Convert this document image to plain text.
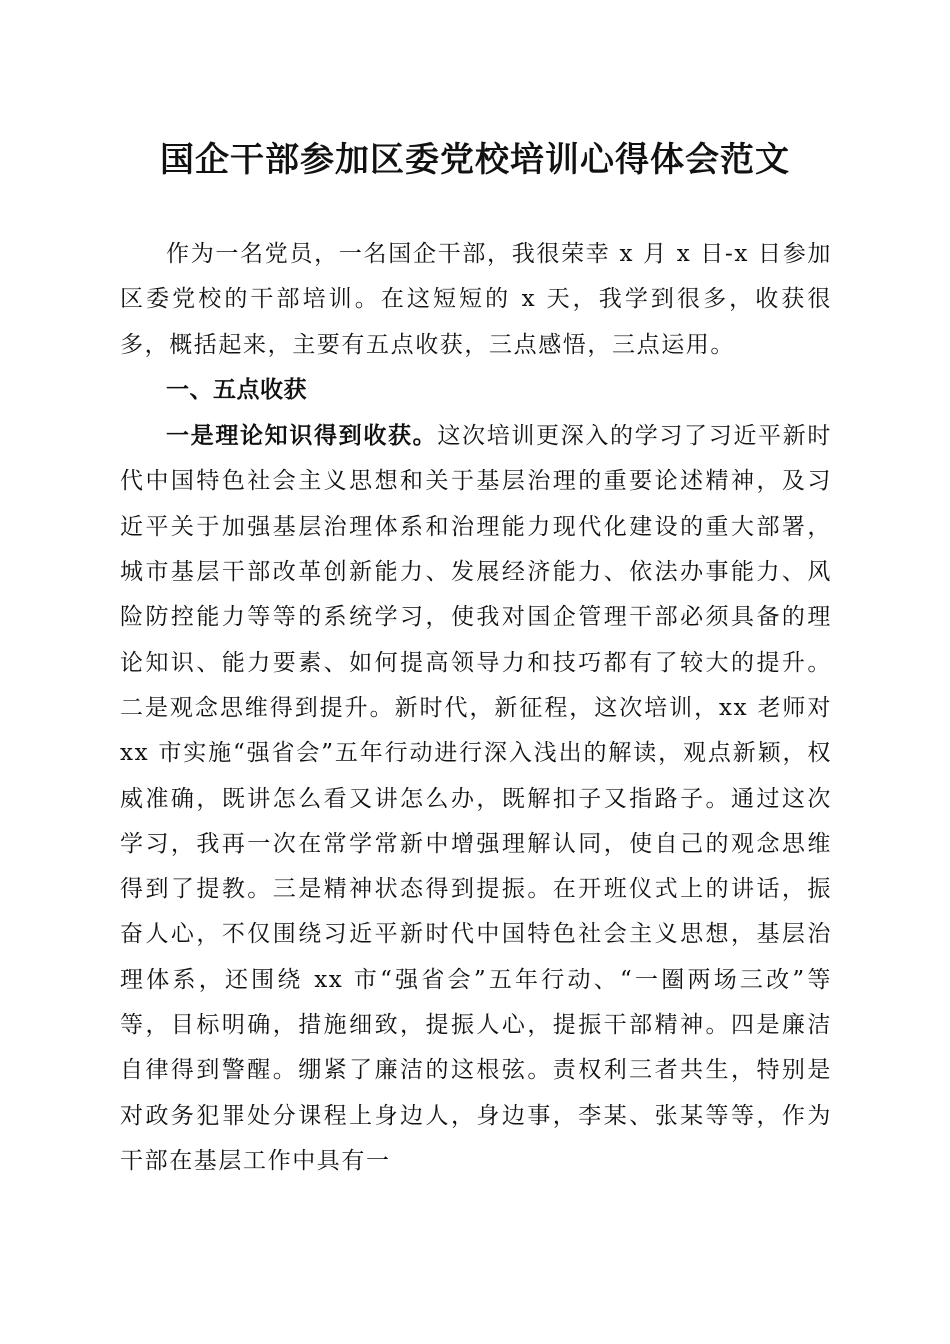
国企干部参加区委党校培训心得体会范文

作为一名党员，一名国企干部，我很荣幸 x 月 x 日-x 日参加区委党校的干部培训。在这短短的 x 天，我学到很多，收获很多，概括起来，主要有五点收获，三点感悟，三点运用。

一、五点收获

一是理论知识得到收获。这次培训更深入的学习了习近平新时代中国特色社会主义思想和关于基层治理的重要论述精神，及习近平关于加强基层治理体系和治理能力现代化建设的重大部署，城市基层干部改革创新能力、发展经济能力、依法办事能力、风险防控能力等等的系统学习，使我对国企管理干部必须具备的理论知识、能力要素、如何提高领导力和技巧都有了较大的提升。二是观念思维得到提升。新时代，新征程，这次培训，xx 老师对 xx 市实施“强省会”五年行动进行深入浅出的解读，观点新颖，权威准确，既讲怎么看又讲怎么办，既解扣子又指路子。通过这次学习，我再一次在常学常新中增强理解认同，使自己的观念思维得到了提教。三是精神状态得到提振。在开班仪式上的讲话，振奋人心，不仅围绕习近平新时代中国特色社会主义思想，基层治理体系，还围绕 xx 市“强省会”五年行动、“一圈两场三改”等等，目标明确，措施细致，提振人心，提振干部精神。四是廉洁自律得到警醒。绷紧了廉洁的这根弦。责权利三者共生，特别是对政务犯罪处分课程上身边人，身边事，李某、张某等等，作为干部在基层工作中具有一
